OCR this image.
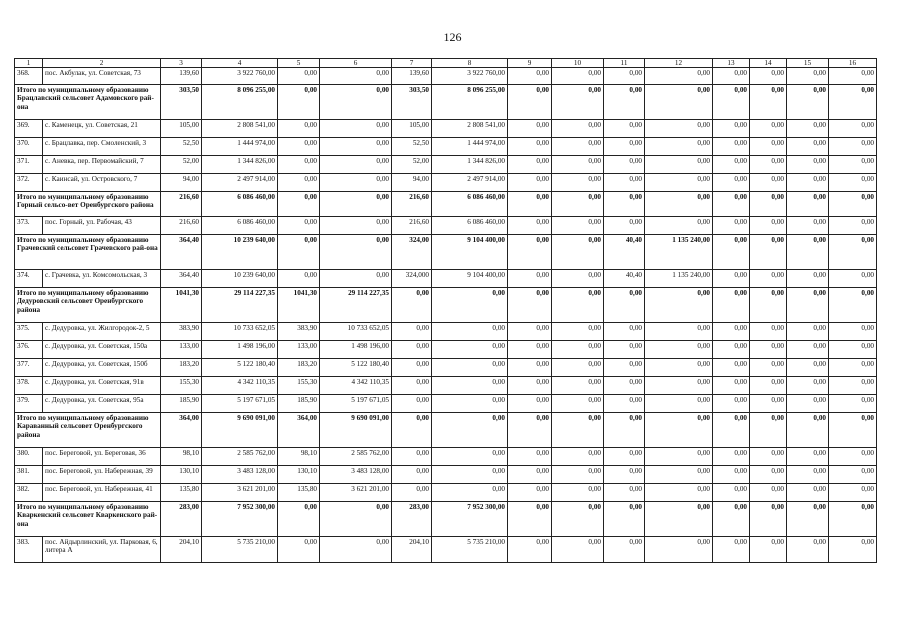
126
1	2	3	4	5	6	7	8	9	10	11	12	13	14	15	16
368.	пос. Акбулак, ул. Советская, 73	139,60	3 922 760,00	0,00	0,00	139,60	3 922 760,00	0,00	0,00	0,00	0,00	0,00	0,00	0,00	0,00
Итого по муниципальному образованию Брацлавский сельсовет Адамовского рай-она		303,50	8 096 255,00	0,00	0,00	303,50	8 096 255,00	0,00	0,00	0,00	0,00	0,00	0,00	0,00	0,00
369.	с. Каменецк, ул. Советская, 21	105,00	2 808 541,00	0,00	0,00	105,00	2 808 541,00	0,00	0,00	0,00	0,00	0,00	0,00	0,00	0,00
370.	с. Брацлавка, пер. Смоленский, 3	52,50	1 444 974,00	0,00	0,00	52,50	1 444 974,00	0,00	0,00	0,00	0,00	0,00	0,00	0,00	0,00
371.	с. Аневка, пер. Первомайский, 7	52,00	1 344 826,00	0,00	0,00	52,00	1 344 826,00	0,00	0,00	0,00	0,00	0,00	0,00	0,00	0,00
372.	с. Каинсай, ул. Островского, 7	94,00	2 497 914,00	0,00	0,00	94,00	2 497 914,00	0,00	0,00	0,00	0,00	0,00	0,00	0,00	0,00
Итого по муниципальному образованию Горный сельсо-вет Оренбургского района		216,60	6 086 460,00	0,00	0,00	216,60	6 086 460,00	0,00	0,00	0,00	0,00	0,00	0,00	0,00	0,00
373.	пос. Горный, ул. Рабочая, 43	216,60	6 086 460,00	0,00	0,00	216,60	6 086 460,00	0,00	0,00	0,00	0,00	0,00	0,00	0,00	0,00
Итого по муниципальному образованию Грачевский сельсовет Грачевского рай-она		364,40	10 239 640,00	0,00	0,00	324,00	9 104 400,00	0,00	0,00	40,40	1 135 240,00	0,00	0,00	0,00	0,00
374.	с. Грачевка, ул. Комсомольская, 3	364,40	10 239 640,00	0,00	0,00	324,000	9 104 400,00	0,00	0,00	40,40	1 135 240,00	0,00	0,00	0,00	0,00
Итого по муниципальному образованию Дедуровский сельсовет Оренбургского района		1041,30	29 114 227,35	1041,30	29 114 227,35	0,00	0,00	0,00	0,00	0,00	0,00	0,00	0,00	0,00	0,00
375.	с. Дедуровка, ул. Жилгородок-2, 5	383,90	10 733 652,05	383,90	10 733 652,05	0,00	0,00	0,00	0,00	0,00	0,00	0,00	0,00	0,00	0,00
376.	с. Дедуровка, ул. Советская, 150а	133,00	1 498 196,00	133,00	1 498 196,00	0,00	0,00	0,00	0,00	0,00	0,00	0,00	0,00	0,00	0,00
377.	с. Дедуровка, ул. Советская, 150б	183,20	5 122 180,40	183,20	5 122 180,40	0,00	0,00	0,00	0,00	0,00	0,00	0,00	0,00	0,00	0,00
378.	с. Дедуровка, ул. Советская, 91в	155,30	4 342 110,35	155,30	4 342 110,35	0,00	0,00	0,00	0,00	0,00	0,00	0,00	0,00	0,00	0,00
379.	с. Дедуровка, ул. Советская, 95а	185,90	5 197 671,05	185,90	5 197 671,05	0,00	0,00	0,00	0,00	0,00	0,00	0,00	0,00	0,00	0,00
Итого по муниципальному образованию Караванный сельсовет Оренбургского района		364,00	9 690 091,00	364,00	9 690 091,00	0,00	0,00	0,00	0,00	0,00	0,00	0,00	0,00	0,00	0,00
380.	пос. Береговой, ул. Береговая, 36	98,10	2 585 762,00	98,10	2 585 762,00	0,00	0,00	0,00	0,00	0,00	0,00	0,00	0,00	0,00	0,00
381.	пос. Береговой, ул. Набережная, 39	130,10	3 483 128,00	130,10	3 483 128,00	0,00	0,00	0,00	0,00	0,00	0,00	0,00	0,00	0,00	0,00
382.	пос. Береговой, ул. Набережная, 41	135,80	3 621 201,00	135,80	3 621 201,00	0,00	0,00	0,00	0,00	0,00	0,00	0,00	0,00	0,00	0,00
Итого по муниципальному образованию Кваркенский сельсовет Кваркенского рай-она		283,00	7 952 300,00	0,00	0,00	283,00	7 952 300,00	0,00	0,00	0,00	0,00	0,00	0,00	0,00	0,00
383.	пос. Айдырлинский, ул. Парковая, 6, литера А	204,10	5 735 210,00	0,00	0,00	204,10	5 735 210,00	0,00	0,00	0,00	0,00	0,00	0,00	0,00	0,00
